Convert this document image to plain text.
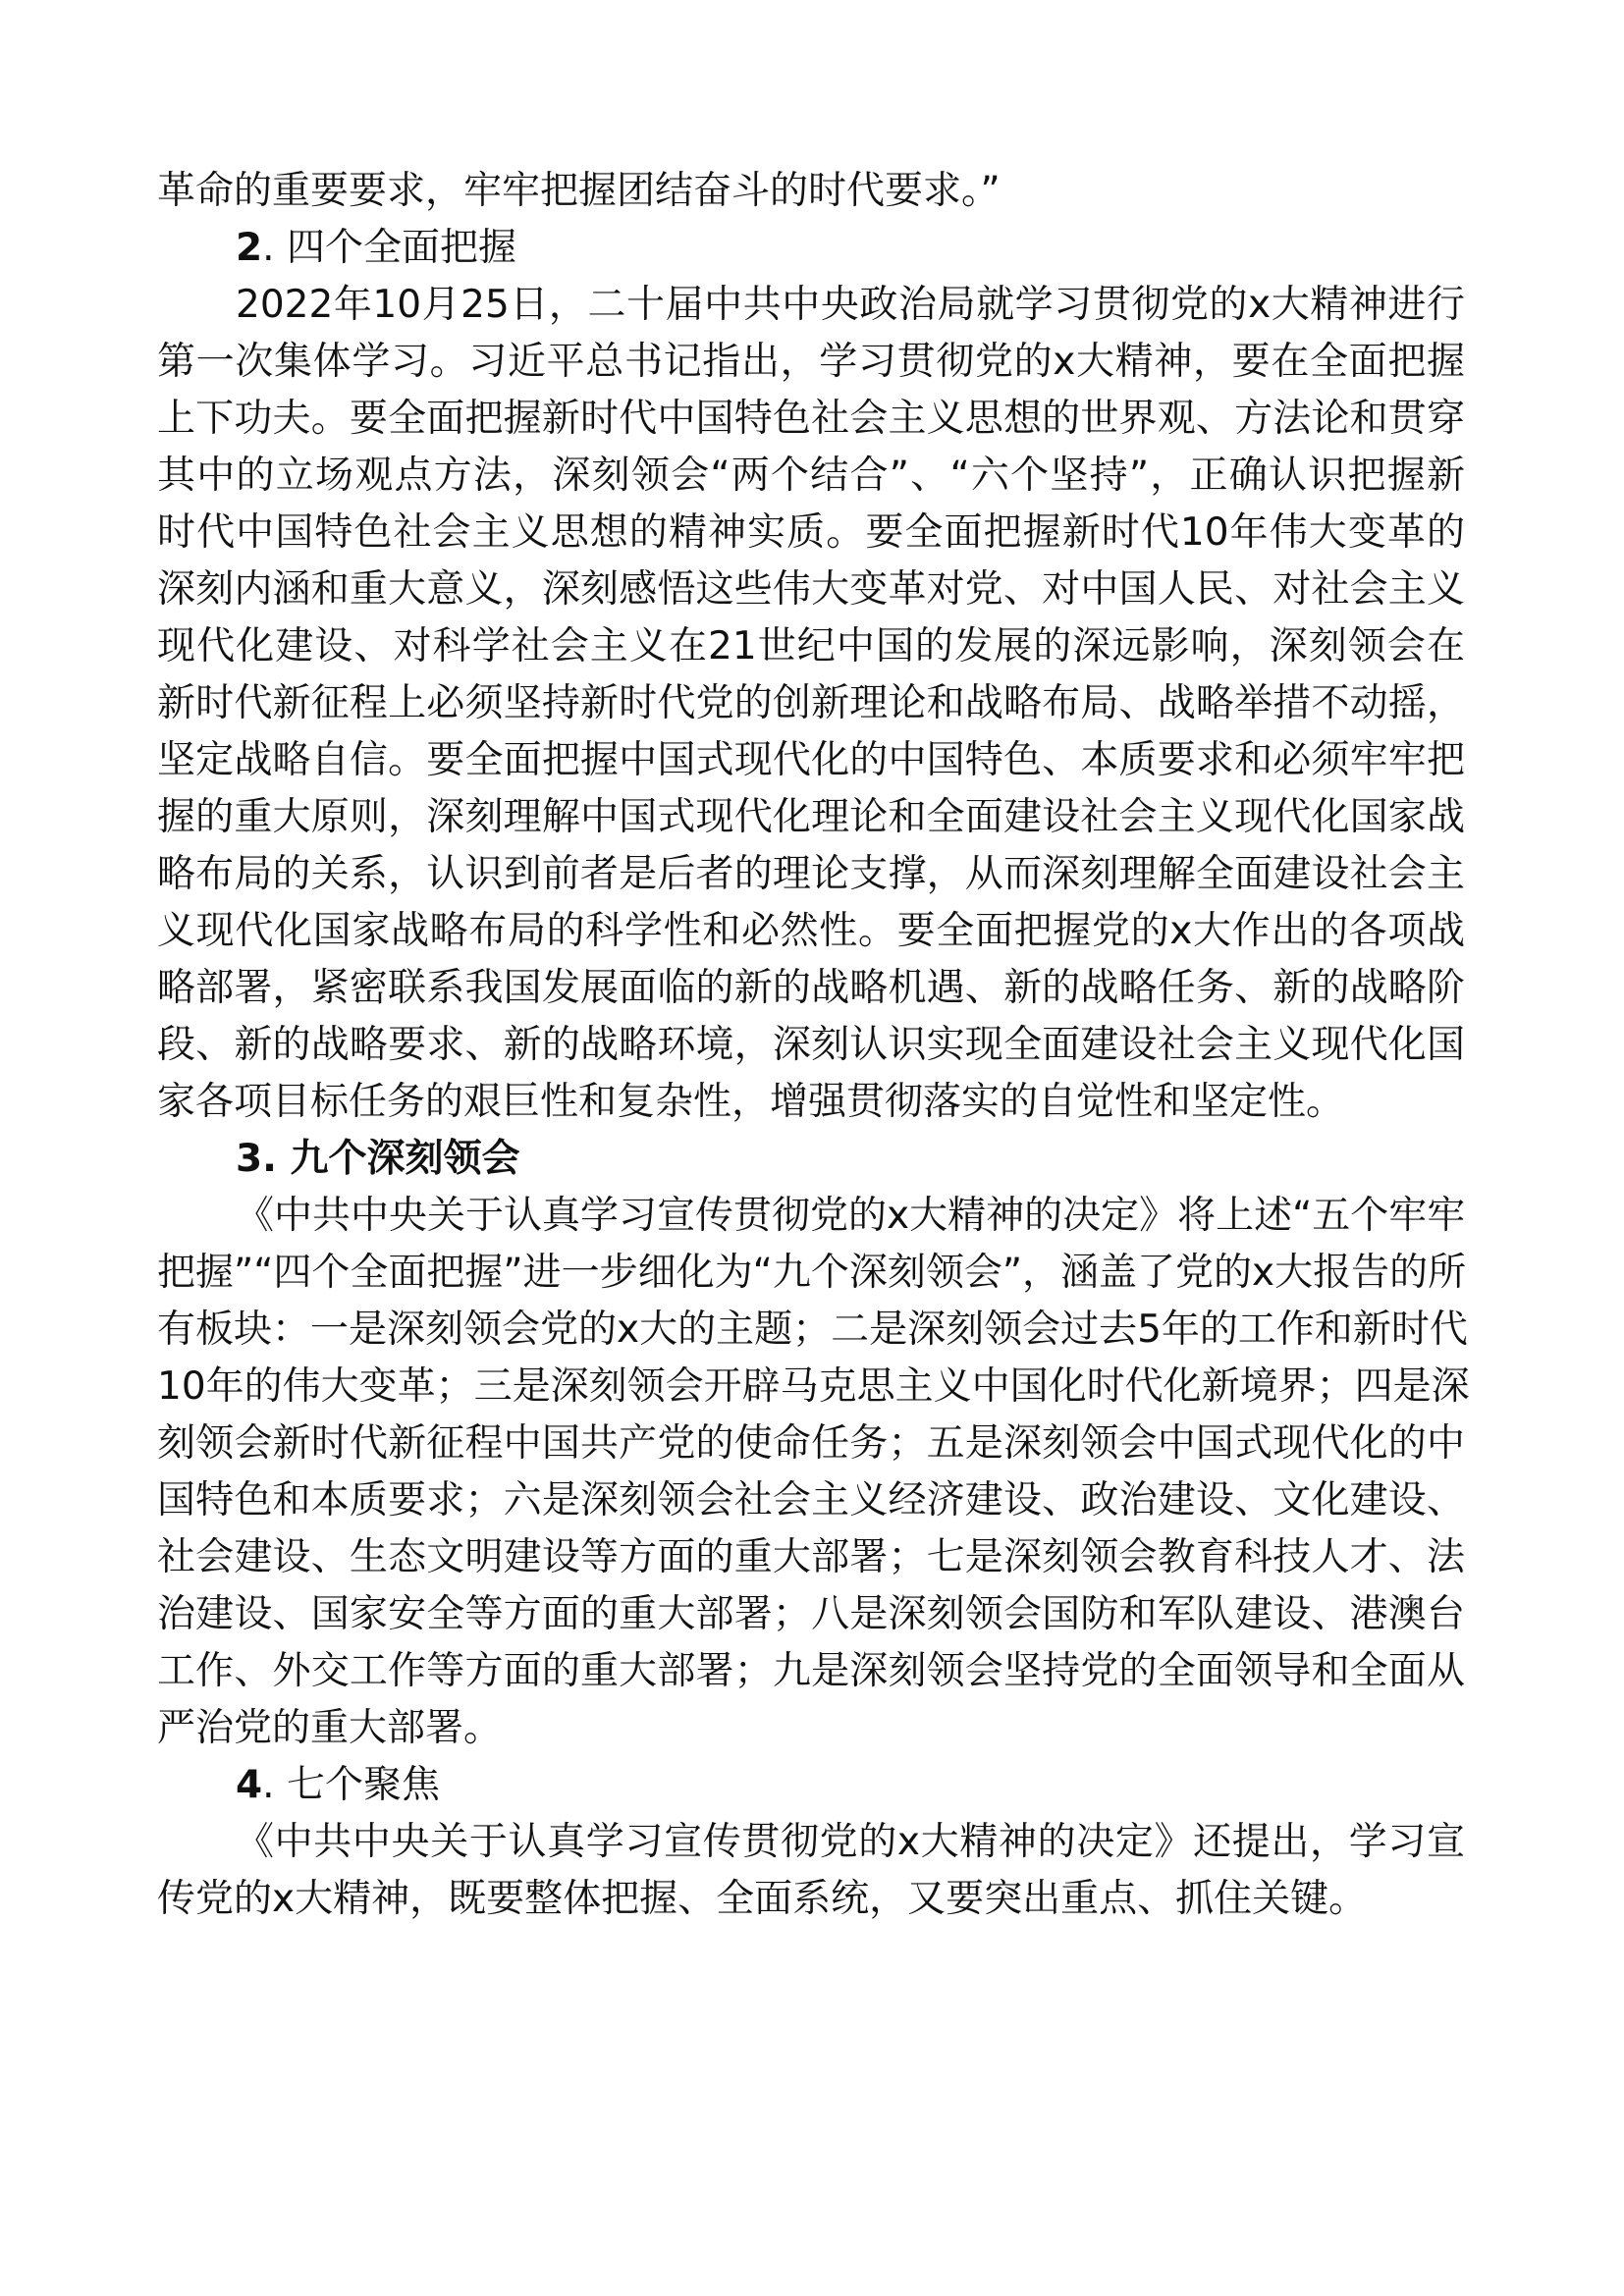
革命的重要要求，牢牢把握团结奋斗的时代要求。”
2. 四个全面把握
2022年10月25日，二十届中共中央政治局就学习贯彻党的x大精神进行
第一次集体学习。习近平总书记指出，学习贯彻党的x大精神，要在全面把握
上下功夫。要全面把握新时代中国特色社会主义思想的世界观、方法论和贯穿
其中的立场观点方法，深刻领会“两个结合”、“六个坚持”，正确认识把握新
时代中国特色社会主义思想的精神实质。要全面把握新时代10年伟大变革的
深刻内涵和重大意义，深刻感悟这些伟大变革对党、对中国人民、对社会主义
现代化建设、对科学社会主义在21世纪中国的发展的深远影响，深刻领会在
新时代新征程上必须坚持新时代党的创新理论和战略布局、战略举措不动摇，
坚定战略自信。要全面把握中国式现代化的中国特色、本质要求和必须牢牢把
握的重大原则，深刻理解中国式现代化理论和全面建设社会主义现代化国家战
略布局的关系，认识到前者是后者的理论支撑，从而深刻理解全面建设社会主
义现代化国家战略布局的科学性和必然性。要全面把握党的x大作出的各项战
略部署，紧密联系我国发展面临的新的战略机遇、新的战略任务、新的战略阶
段、新的战略要求、新的战略环境，深刻认识实现全面建设社会主义现代化国
家各项目标任务的艰巨性和复杂性，增强贯彻落实的自觉性和坚定性。
3. 九个深刻领会
《中共中央关于认真学习宣传贯彻党的x大精神的决定》将上述“五个牢牢
把握”“四个全面把握”进一步细化为“九个深刻领会”，涵盖了党的x大报告的所
有板块：一是深刻领会党的x大的主题；二是深刻领会过去5年的工作和新时代
10年的伟大变革；三是深刻领会开辟马克思主义中国化时代化新境界；四是深
刻领会新时代新征程中国共产党的使命任务；五是深刻领会中国式现代化的中
国特色和本质要求；六是深刻领会社会主义经济建设、政治建设、文化建设、
社会建设、生态文明建设等方面的重大部署；七是深刻领会教育科技人才、法
治建设、国家安全等方面的重大部署；八是深刻领会国防和军队建设、港澳台
工作、外交工作等方面的重大部署；九是深刻领会坚持党的全面领导和全面从
严治党的重大部署。
4. 七个聚焦
《中共中央关于认真学习宣传贯彻党的x大精神的决定》还提出，学习宣
传党的x大精神，既要整体把握、全面系统，又要突出重点、抓住关键。
